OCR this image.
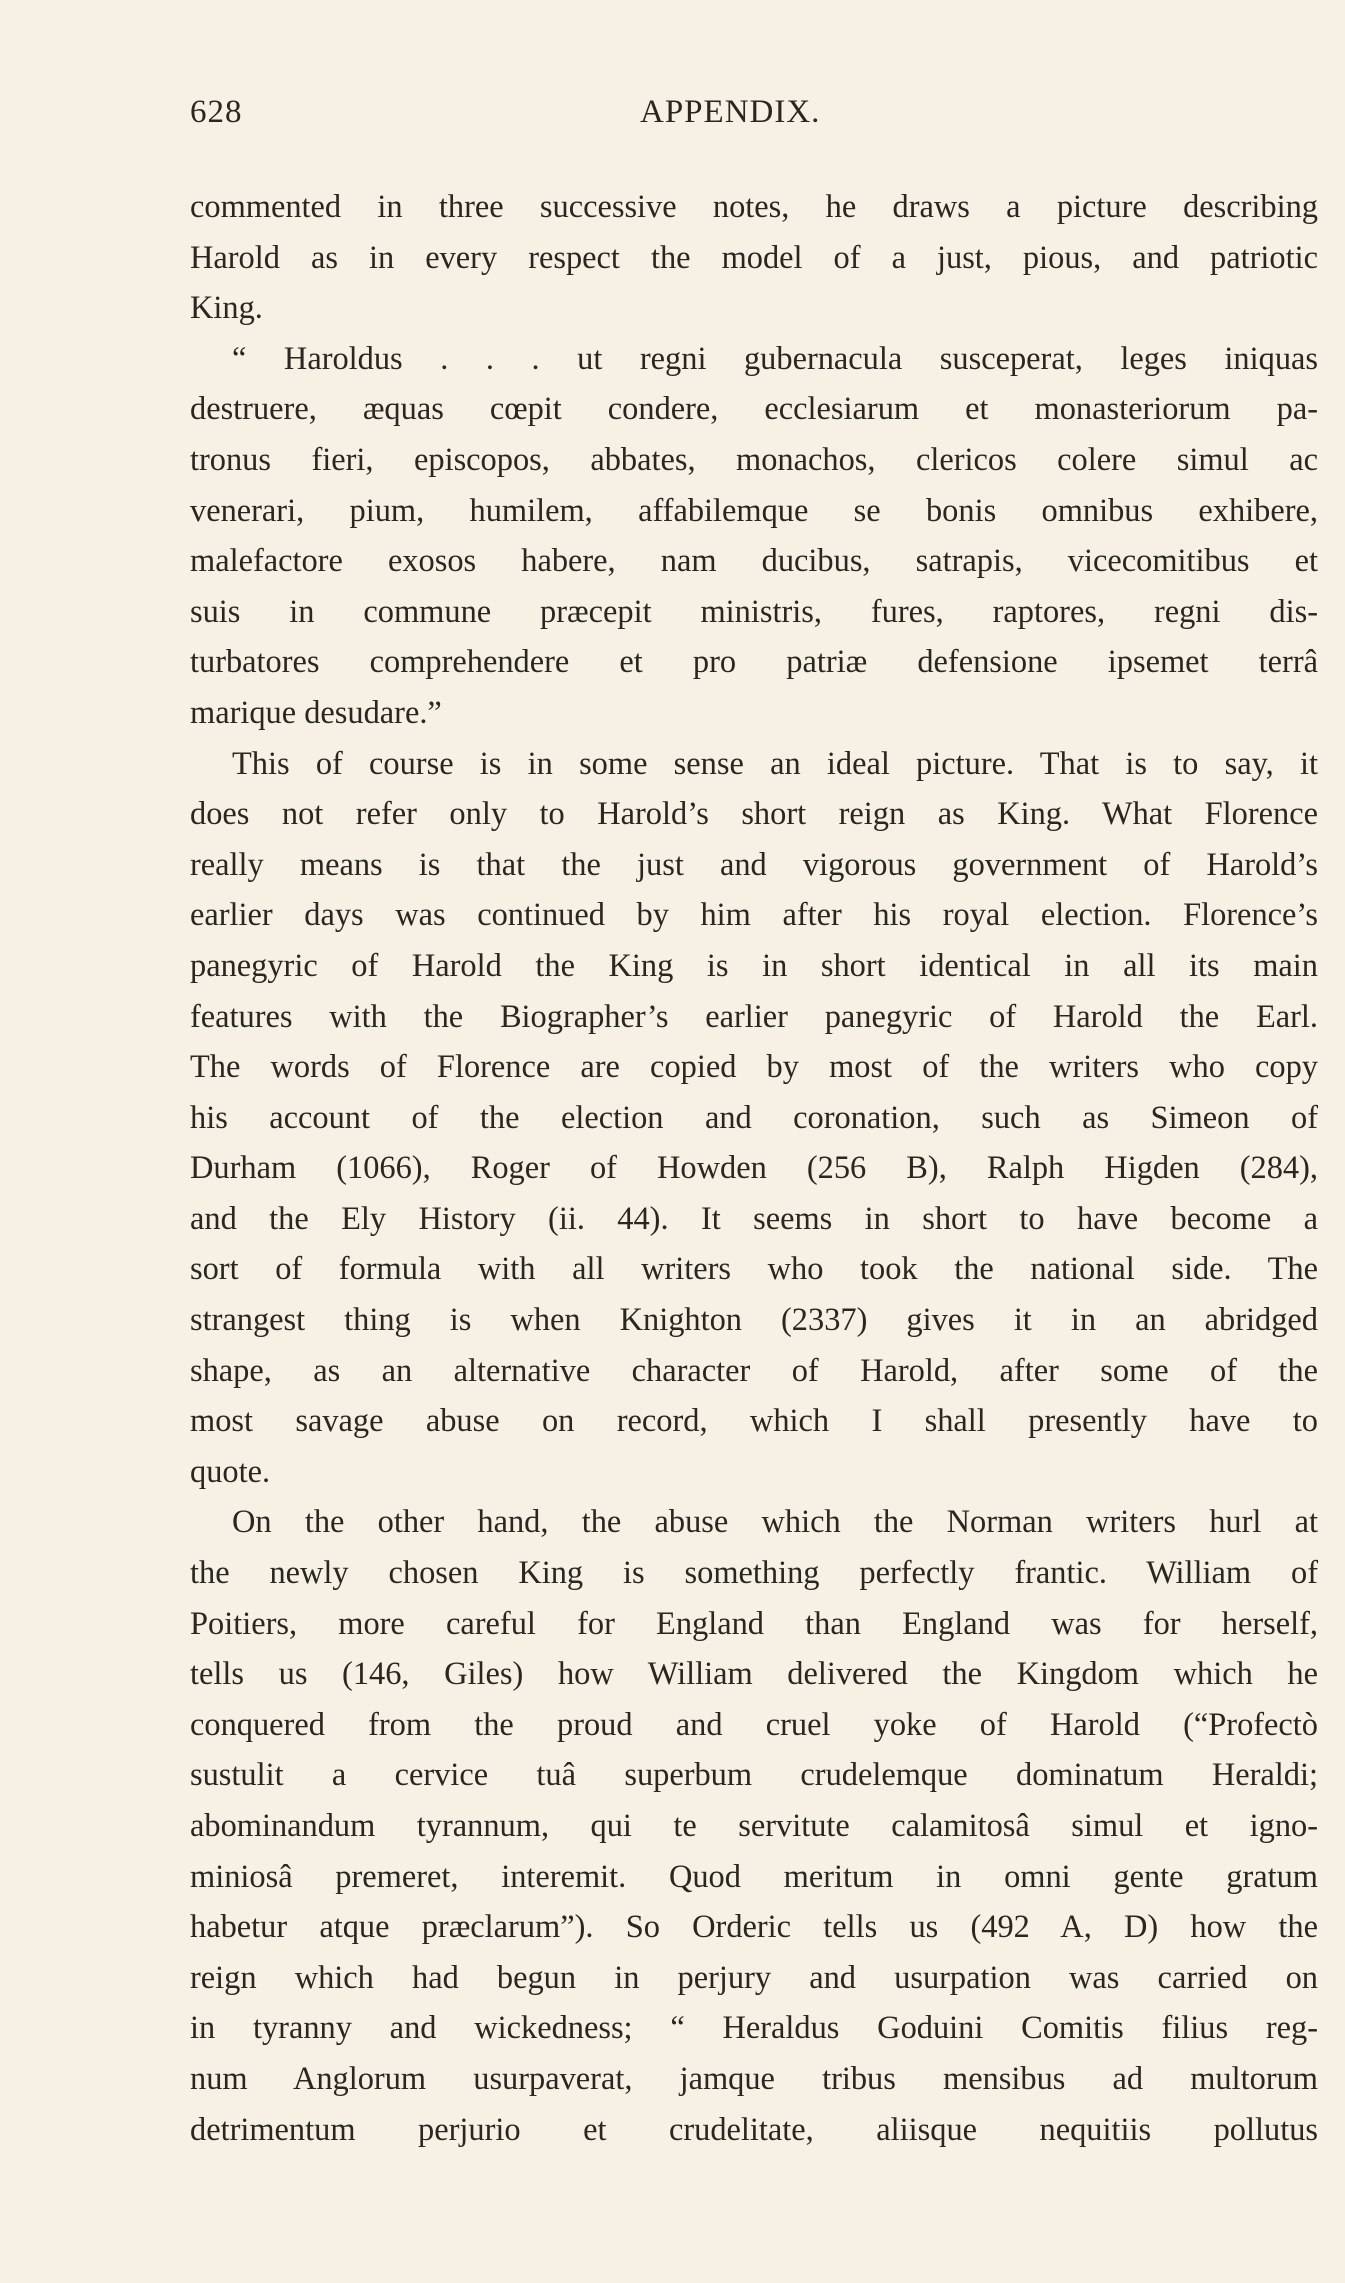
628	APPENDIX.
commented in three successive notes, he draws a picture describing
Harold as in every respect the model of a just, pious, and patriotic
King.
“ Haroldus . . . ut regni gubernacula susceperat, leges iniquas
destruere, æquas cœpit condere, ecclesiarum et monasteriorum pa-
tronus fieri, episcopos, abbates, monachos, clericos colere simul ac
venerari, pium, humilem, affabilemque se bonis omnibus exhibere,
malefactore exosos habere, nam ducibus, satrapis, vicecomitibus et
suis in commune præcepit ministris, fures, raptores, regni dis-
turbatores comprehendere et pro patriæ defensione ipsemet terrâ
marique desudare.”
This of course is in some sense an ideal picture. That is to say, it
does not refer only to Harold’s short reign as King. What Florence
really means is that the just and vigorous government of Harold’s
earlier days was continued by him after his royal election. Florence’s
panegyric of Harold the King is in short identical in all its main
features with the Biographer’s earlier panegyric of Harold the Earl.
The words of Florence are copied by most of the writers who copy
his account of the election and coronation, such as Simeon of
Durham (1066), Roger of Howden (256 B), Ralph Higden (284),
and the Ely History (ii. 44). It seems in short to have become a
sort of formula with all writers who took the national side. The
strangest thing is when Knighton (2337) gives it in an abridged
shape, as an alternative character of Harold, after some of the
most savage abuse on record, which I shall presently have to
quote.
On the other hand, the abuse which the Norman writers hurl at
the newly chosen King is something perfectly frantic. William of
Poitiers, more careful for England than England was for herself,
tells us (146, Giles) how William delivered the Kingdom which he
conquered from the proud and cruel yoke of Harold (“Profectò
sustulit a cervice tuâ superbum crudelemque dominatum Heraldi;
abominandum tyrannum, qui te servitute calamitosâ simul et igno-
miniosâ premeret, interemit. Quod meritum in omni gente gratum
habetur atque præclarum”). So Orderic tells us (492 A, D) how the
reign which had begun in perjury and usurpation was carried on
in tyranny and wickedness; “ Heraldus Goduini Comitis filius reg-
num Anglorum usurpaverat, jamque tribus mensibus ad multorum
detrimentum perjurio et crudelitate, aliisque nequitiis pollutus
